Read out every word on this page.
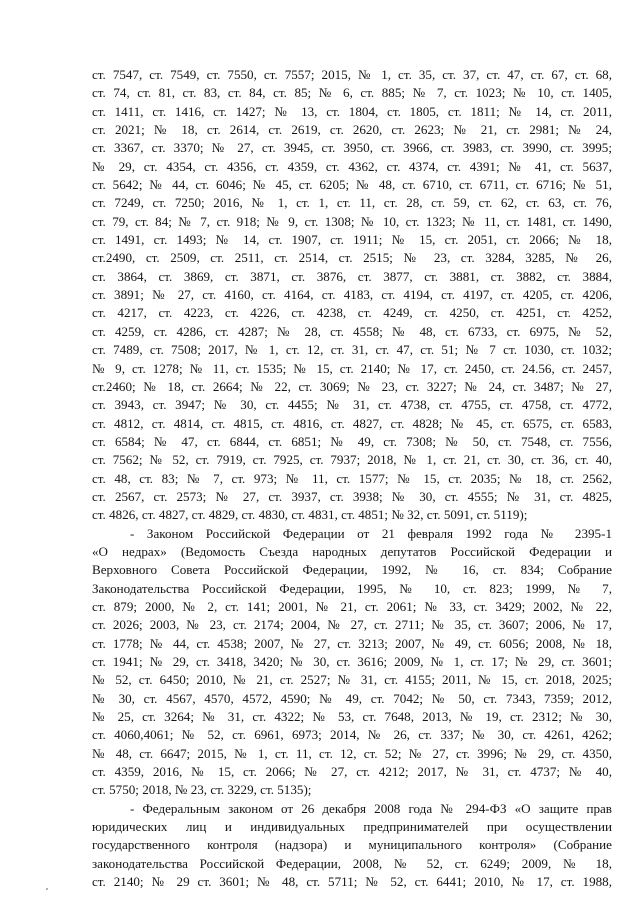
ст. 7547, ст. 7549, ст. 7550, ст. 7557; 2015, № 1, ст. 35, ст. 37, ст. 47, ст. 67, ст. 68,
ст. 74, ст. 81, ст. 83, ст. 84, ст. 85; № 6, ст. 885; № 7, ст. 1023; № 10, ст. 1405,
ст. 1411, ст. 1416, ст. 1427; № 13, ст. 1804, ст. 1805, ст. 1811; № 14, ст. 2011,
ст. 2021; № 18, ст. 2614, ст. 2619, ст. 2620, ст. 2623; № 21, ст. 2981; № 24,
ст. 3367, ст. 3370; № 27, ст. 3945, ст. 3950, ст. 3966, ст. 3983, ст. 3990, ст. 3995;
№ 29, ст. 4354, ст. 4356, ст. 4359, ст. 4362, ст. 4374, ст. 4391; № 41, ст. 5637,
ст. 5642; № 44, ст. 6046; № 45, ст. 6205; № 48, ст. 6710, ст. 6711, ст. 6716; № 51,
ст. 7249, ст. 7250; 2016, № 1, ст. 1, ст. 11, ст. 28, ст. 59, ст. 62, ст. 63, ст. 76,
ст. 79, ст. 84; № 7, ст. 918; № 9, ст. 1308; № 10, ст. 1323; № 11, ст. 1481, ст. 1490,
ст. 1491, ст. 1493; № 14, ст. 1907, ст. 1911; № 15, ст. 2051, ст. 2066; № 18,
ст.2490, ст. 2509, ст. 2511, ст. 2514, ст. 2515; № 23, ст. 3284, 3285, № 26,
ст. 3864, ст. 3869, ст. 3871, ст. 3876, ст. 3877, ст. 3881, ст. 3882, ст. 3884,
ст. 3891; № 27, ст. 4160, ст. 4164, ст. 4183, ст. 4194, ст. 4197, ст. 4205, ст. 4206,
ст. 4217, ст. 4223, ст. 4226, ст. 4238, ст. 4249, ст. 4250, ст. 4251, ст. 4252,
ст. 4259, ст. 4286, ст. 4287; № 28, ст. 4558; № 48, ст. 6733, ст. 6975, № 52,
ст. 7489, ст. 7508; 2017, № 1, ст. 12, ст. 31, ст. 47, ст. 51; № 7 ст. 1030, ст. 1032;
№ 9, ст. 1278; № 11, ст. 1535; № 15, ст. 2140; № 17, ст. 2450, ст. 24.56, ст. 2457,
ст.2460; № 18, ст. 2664; № 22, ст. 3069; № 23, ст. 3227; № 24, ст. 3487; № 27,
ст. 3943, ст. 3947; № 30, ст. 4455; № 31, ст. 4738, ст. 4755, ст. 4758, ст. 4772,
ст. 4812, ст. 4814, ст. 4815, ст. 4816, ст. 4827, ст. 4828; № 45, ст. 6575, ст. 6583,
ст. 6584; № 47, ст. 6844, ст. 6851; № 49, ст. 7308; № 50, ст. 7548, ст. 7556,
ст. 7562; № 52, ст. 7919, ст. 7925, ст. 7937; 2018, № 1, ст. 21, ст. 30, ст. 36, ст. 40,
ст. 48, ст. 83; № 7, ст. 973; № 11, ст. 1577; № 15, ст. 2035; № 18, ст. 2562,
ст. 2567, ст. 2573; № 27, ст. 3937, ст. 3938; № 30, ст. 4555; № 31, ст. 4825,
ст. 4826, ст. 4827, ст. 4829, ст. 4830, ст. 4831, ст. 4851; № 32, ст. 5091, ст. 5119);
- Законом Российской Федерации от 21 февраля 1992 года № 2395-1
«О недрах» (Ведомость Съезда народных депутатов Российской Федерации и
Верховного Совета Российской Федерации, 1992, № 16, ст. 834; Собрание
Законодательства Российской Федерации, 1995, № 10, ст. 823; 1999, № 7,
ст. 879; 2000, № 2, ст. 141; 2001, № 21, ст. 2061; № 33, ст. 3429; 2002, № 22,
ст. 2026; 2003, № 23, ст. 2174; 2004, № 27, ст. 2711; № 35, ст. 3607; 2006, № 17,
ст. 1778; № 44, ст. 4538; 2007, № 27, ст. 3213; 2007, № 49, ст. 6056; 2008, № 18,
ст. 1941; № 29, ст. 3418, 3420; № 30, ст. 3616; 2009, № 1, ст. 17; № 29, ст. 3601;
№ 52, ст. 6450; 2010, № 21, ст. 2527; № 31, ст. 4155; 2011, № 15, ст. 2018, 2025;
№ 30, ст. 4567, 4570, 4572, 4590; № 49, ст. 7042; № 50, ст. 7343, 7359; 2012,
№ 25, ст. 3264; № 31, ст. 4322; № 53, ст. 7648, 2013, № 19, ст. 2312; № 30,
ст. 4060,4061; № 52, ст. 6961, 6973; 2014, № 26, ст. 337; № 30, ст. 4261, 4262;
№ 48, ст. 6647; 2015, № 1, ст. 11, ст. 12, ст. 52; № 27, ст. 3996; № 29, ст. 4350,
ст. 4359, 2016, № 15, ст. 2066; № 27, ст. 4212; 2017, № 31, ст. 4737; № 40,
ст. 5750; 2018, № 23, ст. 3229, ст. 5135);
- Федеральным законом от 26 декабря 2008 года № 294-ФЗ «О защите прав
юридических лиц и индивидуальных предпринимателей при осуществлении
государственного контроля (надзора) и муниципального контроля» (Собрание
законодательства Российской Федерации, 2008, № 52, ст. 6249; 2009, № 18,
ст. 2140; № 29 ст. 3601; № 48, ст. 5711; № 52, ст. 6441; 2010, № 17, ст. 1988,
